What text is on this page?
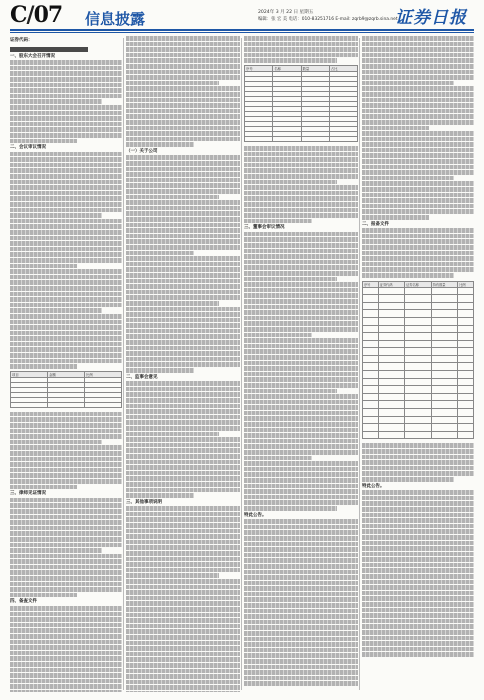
C/07 信息披露	2024年 3 月 22 日 星期五
编辑：张 宏 美 电话：010-83251716 E-mail: zqrb9@zqrb.sina.net
证券日报
证券代码：
一、股东大会召开情况
二、会议审议情况
项目	金额	比例

三、律师见证情况
四、备查文件
（一）关于公司
二、监事会意见
三、其他事项说明
序号	名称	数量	占比

三、董事会审议情况
特此公告。
二、报备文件
序号	证券代码	证券名称	持有数量	比例

特此公告。
